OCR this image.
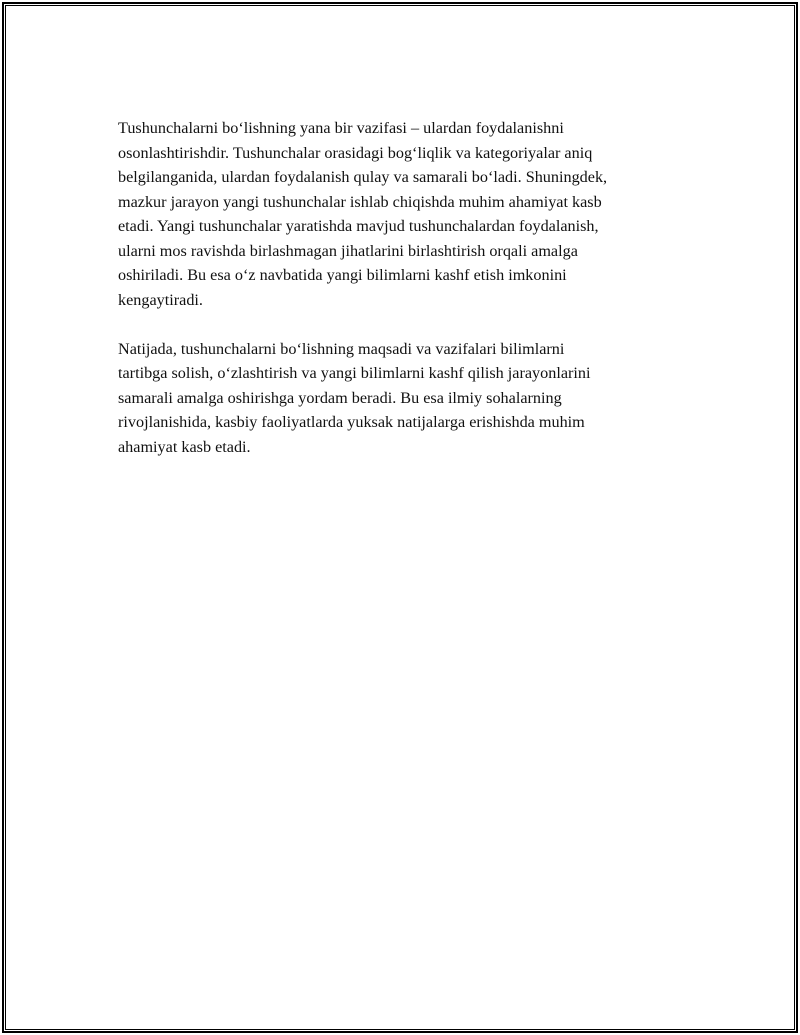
Tushunchalarni bo‘lishning yana bir vazifasi – ulardan foydalanishni
osonlashtirishdir. Tushunchalar orasidagi bog‘liqlik va kategoriyalar aniq
belgilanganida, ulardan foydalanish qulay va samarali bo‘ladi. Shuningdek,
mazkur jarayon yangi tushunchalar ishlab chiqishda muhim ahamiyat kasb
etadi. Yangi tushunchalar yaratishda mavjud tushunchalardan foydalanish,
ularni mos ravishda birlashmagan jihatlarini birlashtirish orqali amalga
oshiriladi. Bu esa o‘z navbatida yangi bilimlarni kashf etish imkonini
kengaytiradi.

Natijada, tushunchalarni bo‘lishning maqsadi va vazifalari bilimlarni
tartibga solish, o‘zlashtirish va yangi bilimlarni kashf qilish jarayonlarini
samarali amalga oshirishga yordam beradi. Bu esa ilmiy sohalarning
rivojlanishida, kasbiy faoliyatlarda yuksak natijalarga erishishda muhim
ahamiyat kasb etadi.
